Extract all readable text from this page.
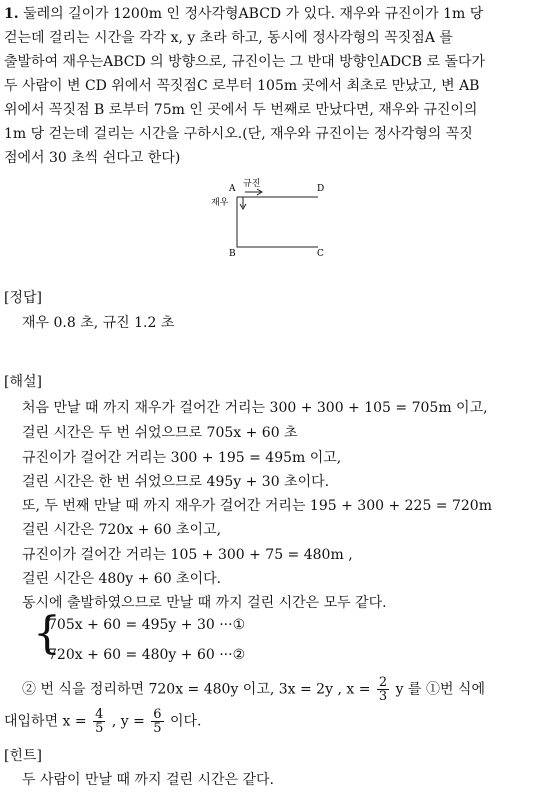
1. 둘레의 길이가 1200m 인 정사각형ABCD 가 있다. 재우와 규진이가 1m 당
걷는데 걸리는 시간을 각각 x, y 초라 하고, 동시에 정사각형의 꼭짓점A 를
출발하여 재우는ABCD 의 방향으로, 규진이는 그 반대 방향인ADCB 로 돌다가
두 사람이 변 CD 위에서 꼭짓점C 로부터 105m 곳에서 최초로 만났고, 변 AB
위에서 꼭짓점 B 로부터 75m 인 곳에서 두 번째로 만났다면, 재우와 규진이의
1m 당 걷는데 걸리는 시간을 구하시오.(단, 재우와 규진이는 정사각형의 꼭짓
점에서 30 초씩 쉰다고 한다)
A	D
B	C
규진
재우
[정답]
재우 0.8 초, 규진 1.2 초
[해설]
처음 만날 때 까지 재우가 걸어간 거리는 300 + 300 + 105 = 705m 이고,
걸린 시간은 두 번 쉬었으므로 705x + 60 초
규진이가 걸어간 거리는 300 + 195 = 495m 이고,
걸린 시간은 한 번 쉬었으므로 495y + 30 초이다.
또, 두 번째 만날 때 까지 재우가 걸어간 거리는 195 + 300 + 225 = 720m
걸린 시간은 720x + 60 초이고,
규진이가 걸어간 거리는 105 + 300 + 75 = 480m ,
걸린 시간은 480y + 60 초이다.
동시에 출발하였으므로 만날 때 까지 걸린 시간은 모두 같다.
{
705x + 60 = 495y + 30 ···①
720x + 60 = 480y + 60 ···②
② 번 식을 정리하면 720x = 480y 이고, 3x = 2y , $x = \frac{2}{3}$ y 를 ①번 식에
대입하면 $x = \frac{4}{5}$ , $y = \frac{6}{5}$ 이다.
[힌트]
두 사람이 만날 때 까지 걸린 시간은 같다.
